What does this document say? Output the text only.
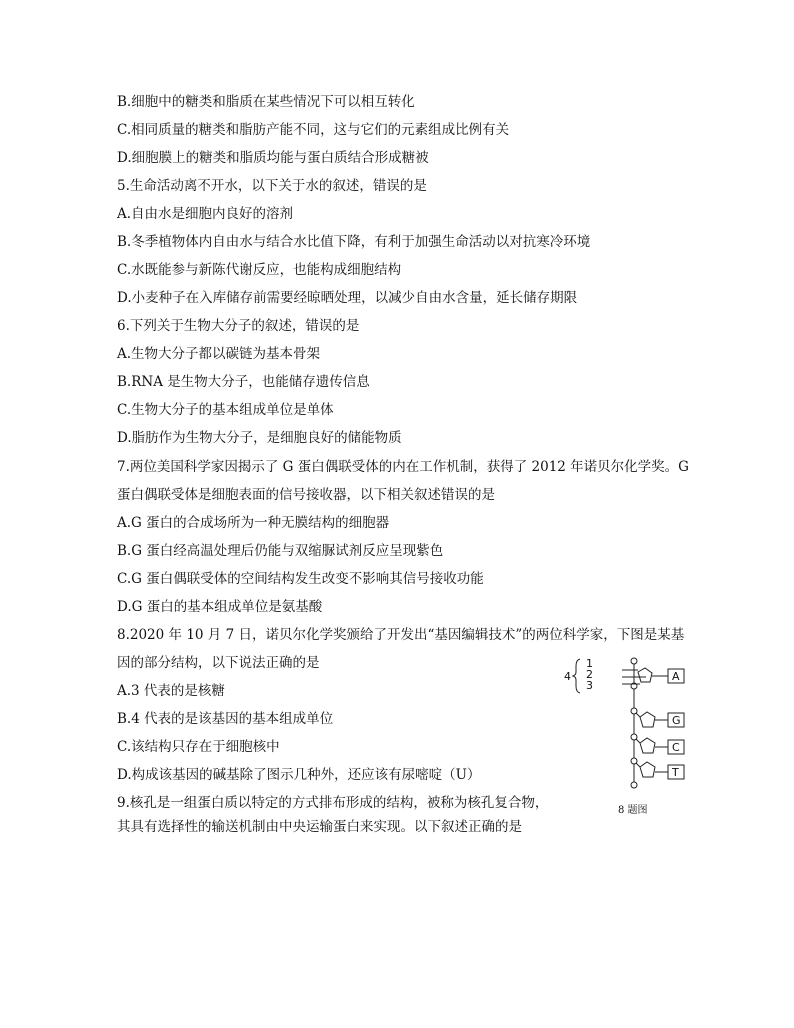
B.细胞中的糖类和脂质在某些情况下可以相互转化
C.相同质量的糖类和脂肪产能不同，这与它们的元素组成比例有关
D.细胞膜上的糖类和脂质均能与蛋白质结合形成糖被
5.生命活动离不开水，以下关于水的叙述，错误的是
A.自由水是细胞内良好的溶剂
B.冬季植物体内自由水与结合水比值下降，有利于加强生命活动以对抗寒冷环境
C.水既能参与新陈代谢反应，也能构成细胞结构
D.小麦种子在入库储存前需要经晾晒处理，以减少自由水含量，延长储存期限
6.下列关于生物大分子的叙述，错误的是
A.生物大分子都以碳链为基本骨架
B.RNA 是生物大分子，也能储存遗传信息
C.生物大分子的基本组成单位是单体
D.脂肪作为生物大分子，是细胞良好的储能物质
7.两位美国科学家因揭示了 G 蛋白偶联受体的内在工作机制，获得了 2012 年诺贝尔化学奖。G
蛋白偶联受体是细胞表面的信号接收器，以下相关叙述错误的是
A.G 蛋白的合成场所为一种无膜结构的细胞器
B.G 蛋白经高温处理后仍能与双缩脲试剂反应呈现紫色
C.G 蛋白偶联受体的空间结构发生改变不影响其信号接收功能
D.G 蛋白的基本组成单位是氨基酸
8.2020 年 10 月 7 日，诺贝尔化学奖颁给了开发出“基因编辑技术”的两位科学家，下图是某基
因的部分结构，以下说法正确的是
A.3 代表的是核糖
B.4 代表的是该基因的基本组成单位
C.该结构只存在于细胞核中
D.构成该基因的碱基除了图示几种外，还应该有尿嘧啶（U）
9.核孔是一组蛋白质以特定的方式排布形成的结构，被称为核孔复合物，
其具有选择性的输送机制由中央运输蛋白来实现。以下叙述正确的是
4
1
2
3
A
G
C
T
8 题图
